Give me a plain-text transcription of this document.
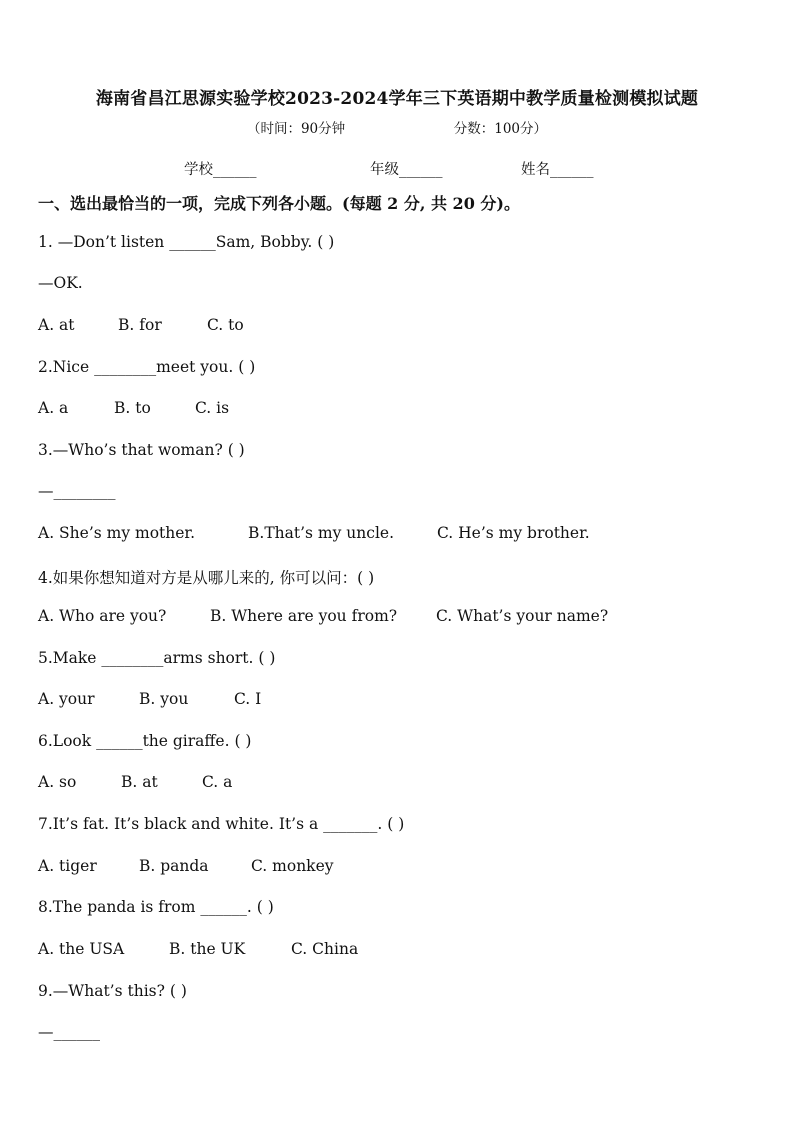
海南省昌江思源实验学校2023-2024学年三下英语期中教学质量检测模拟试题
（时间：90分钟	分数：100分）
学校______	年级______	姓名______
一、选出最恰当的一项，完成下列各小题。(每题 2 分, 共 20 分)。
1. —Don’t listen ______Sam, Bobby. ( )
—OK.
A. at	B. for	C. to
2.Nice ________meet you. ( )
A. a	B. to	C. is
3.—Who’s that woman? ( )
—________
A. She’s my mother.	B.That’s my uncle.	C. He’s my brother.
4.如果你想知道对方是从哪儿来的, 你可以问：( )
A. Who are you?	B. Where are you from?	C. What’s your name?
5.Make ________arms short. ( )
A. your	B. you	C. I
6.Look ______the giraffe. ( )
A. so	B. at	C. a
7.It’s fat. It’s black and white. It’s a _______. ( )
A. tiger	B. panda	C. monkey
8.The panda is from ______. ( )
A. the USA	B. the UK	C. China
9.—What’s this? ( )
—______
